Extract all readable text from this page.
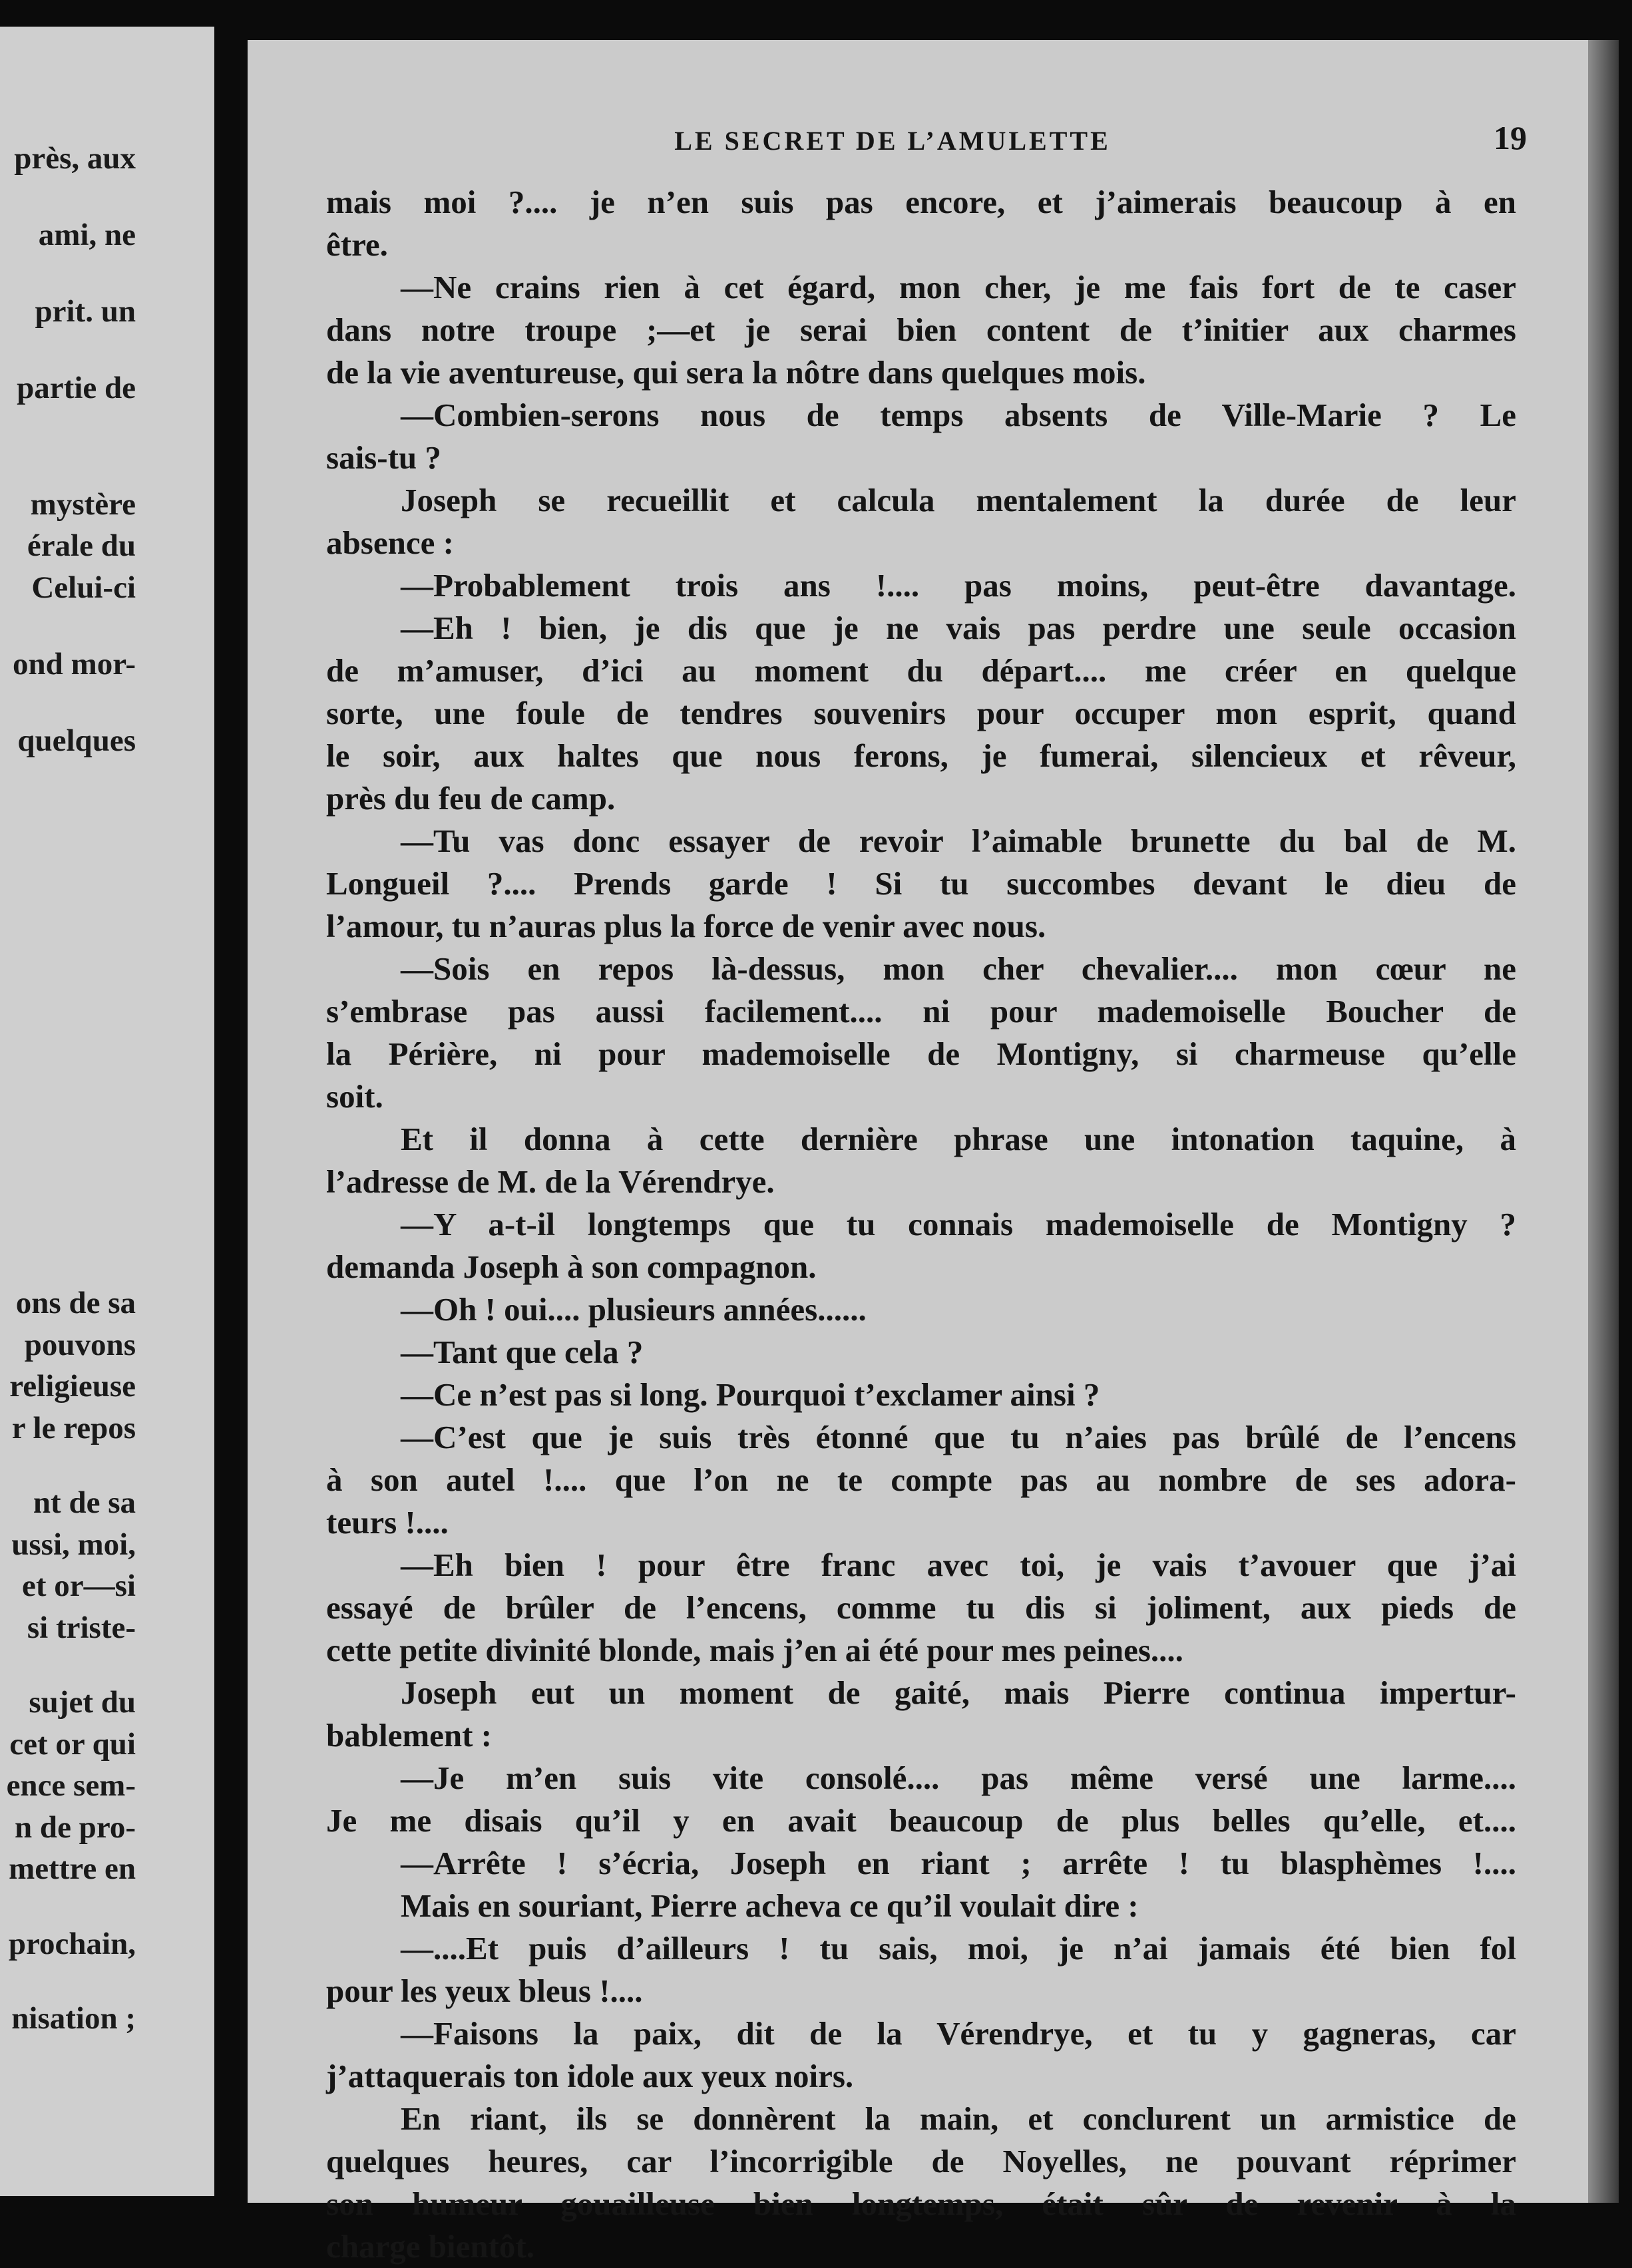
près, aux
ami, ne
prit. un
partie de
mystère
érale du
Celui-ci
ond mor-
quelques
ons de sa
pouvons
religieuse
r le repos
nt de sa
ussi, moi,
et or—si
si triste-
sujet du
cet or qui
ence sem-
n de pro-
mettre en
prochain,
nisation ;
LE SECRET DE L’AMULETTE	19
mais moi ?.... je n’en suis pas encore, et j’aimerais beaucoup à en
être.
—Ne crains rien à cet égard, mon cher, je me fais fort de te caser
dans notre troupe ;—et je serai bien content de t’initier aux charmes
de la vie aventureuse, qui sera la nôtre dans quelques mois.
—Combien-serons nous de temps absents de Ville-Marie ? Le
sais-tu ?
Joseph se recueillit et calcula mentalement la durée de leur
absence :
—Probablement trois ans !.... pas moins, peut-être davantage.
—Eh ! bien, je dis que je ne vais pas perdre une seule occasion
de m’amuser, d’ici au moment du départ.... me créer en quelque
sorte, une foule de tendres souvenirs pour occuper mon esprit, quand
le soir, aux haltes que nous ferons, je fumerai, silencieux et rêveur,
près du feu de camp.
—Tu vas donc essayer de revoir l’aimable brunette du bal de M.
Longueil ?.... Prends garde ! Si tu succombes devant le dieu de
l’amour, tu n’auras plus la force de venir avec nous.
—Sois en repos là-dessus, mon cher chevalier.... mon cœur ne
s’embrase pas aussi facilement.... ni pour mademoiselle Boucher de
la Périère, ni pour mademoiselle de Montigny, si charmeuse qu’elle
soit.
Et il donna à cette dernière phrase une intonation taquine, à
l’adresse de M. de la Vérendrye.
—Y a-t-il longtemps que tu connais mademoiselle de Montigny ?
demanda Joseph à son compagnon.
—Oh ! oui.... plusieurs années......
—Tant que cela ?
—Ce n’est pas si long. Pourquoi t’exclamer ainsi ?
—C’est que je suis très étonné que tu n’aies pas brûlé de l’encens
à son autel !.... que l’on ne te compte pas au nombre de ses adora-
teurs !....
—Eh bien ! pour être franc avec toi, je vais t’avouer que j’ai
essayé de brûler de l’encens, comme tu dis si joliment, aux pieds de
cette petite divinité blonde, mais j’en ai été pour mes peines....
Joseph eut un moment de gaité, mais Pierre continua impertur-
bablement :
—Je m’en suis vite consolé.... pas même versé une larme....
Je me disais qu’il y en avait beaucoup de plus belles qu’elle, et....
—Arrête ! s’écria, Joseph en riant ; arrête ! tu blasphèmes !....
Mais en souriant, Pierre acheva ce qu’il voulait dire :
—....Et puis d’ailleurs ! tu sais, moi, je n’ai jamais été bien fol
pour les yeux bleus !....
—Faisons la paix, dit de la Vérendrye, et tu y gagneras, car
j’attaquerais ton idole aux yeux noirs.
En riant, ils se donnèrent la main, et conclurent un armistice de
quelques heures, car l’incorrigible de Noyelles, ne pouvant réprimer
son humeur gouailleuse bien longtemps, était sûr de revenir à la
charge bientôt.
